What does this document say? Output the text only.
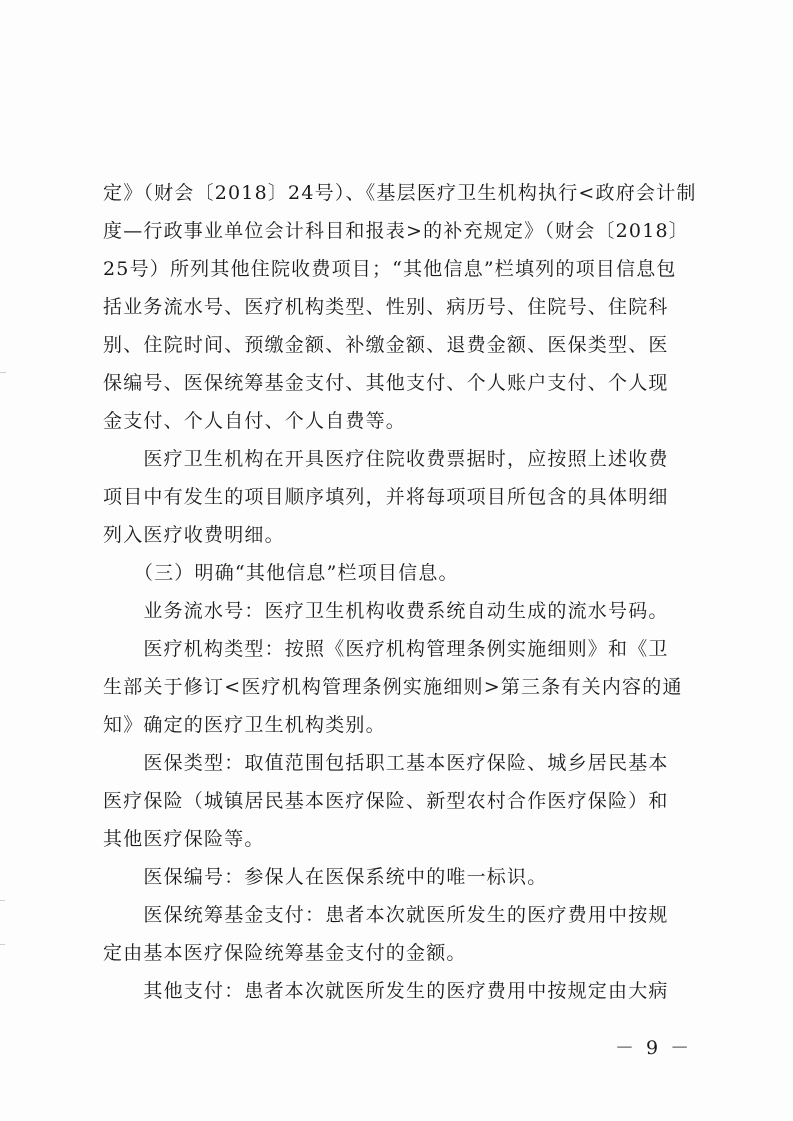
定》（财会〔2018〕24号）、《基层医疗卫生机构执行<政府会计制
度—行政事业单位会计科目和报表>的补充规定》（财会〔2018〕
25号）所列其他住院收费项目；“其他信息”栏填列的项目信息包
括业务流水号、医疗机构类型、性别、病历号、住院号、住院科
别、住院时间、预缴金额、补缴金额、退费金额、医保类型、医
保编号、医保统筹基金支付、其他支付、个人账户支付、个人现
金支付、个人自付、个人自费等。
　　医疗卫生机构在开具医疗住院收费票据时，应按照上述收费
项目中有发生的项目顺序填列，并将每项项目所包含的具体明细
列入医疗收费明细。
　　（三）明确“其他信息”栏项目信息。
　　业务流水号：医疗卫生机构收费系统自动生成的流水号码。
　　医疗机构类型：按照《医疗机构管理条例实施细则》和《卫
生部关于修订<医疗机构管理条例实施细则>第三条有关内容的通
知》确定的医疗卫生机构类别。
　　医保类型：取值范围包括职工基本医疗保险、城乡居民基本
医疗保险（城镇居民基本医疗保险、新型农村合作医疗保险）和
其他医疗保险等。
　　医保编号：参保人在医保系统中的唯一标识。
　　医保统筹基金支付：患者本次就医所发生的医疗费用中按规
定由基本医疗保险统筹基金支付的金额。
　　其他支付：患者本次就医所发生的医疗费用中按规定由大病
－ 9 －
